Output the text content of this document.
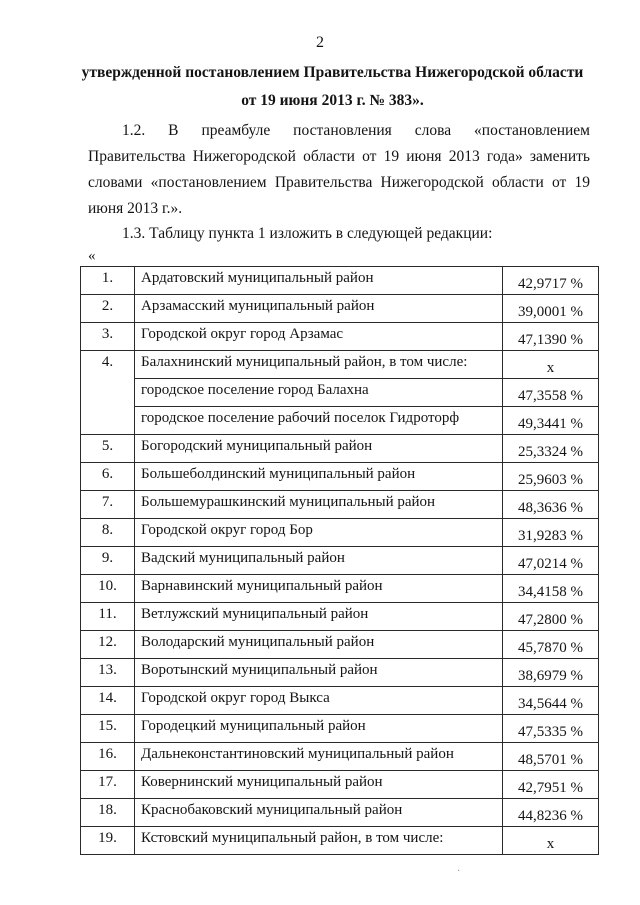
2
утвержденной постановлением Правительства Нижегородской области
от 19 июня 2013 г. № 383».

1.2. В преамбуле постановления слова «постановлением Правительства Нижегородской области от 19 июня 2013 года» заменить словами «постановлением Правительства Нижегородской области от 19 июня 2013 г.».

1.3. Таблицу пункта 1 изложить в следующей редакции:

«
1.	Ардатовский муниципальный район	42,9717 %
2.	Арзамасский муниципальный район	39,0001 %
3.	Городской округ город Арзамас	47,1390 %
4.	Балахнинский муниципальный район, в том числе:	x
	городское поселение город Балахна	47,3558 %
	городское поселение рабочий поселок Гидроторф	49,3441 %
5.	Богородский муниципальный район	25,3324 %
6.	Большеболдинский муниципальный район	25,9603 %
7.	Большемурашкинский муниципальный район	48,3636 %
8.	Городской округ город Бор	31,9283 %
9.	Вадский муниципальный район	47,0214 %
10.	Варнавинский муниципальный район	34,4158 %
11.	Ветлужский муниципальный район	47,2800 %
12.	Володарский муниципальный район	45,7870 %
13.	Воротынский муниципальный район	38,6979 %
14.	Городской округ город Выкса	34,5644 %
15.	Городецкий муниципальный район	47,5335 %
16.	Дальнеконстантиновский муниципальный район	48,5701 %
17.	Ковернинский муниципальный район	42,7951 %
18.	Краснобаковский муниципальный район	44,8236 %
19.	Кстовский муниципальный район, в том числе:	x
·
